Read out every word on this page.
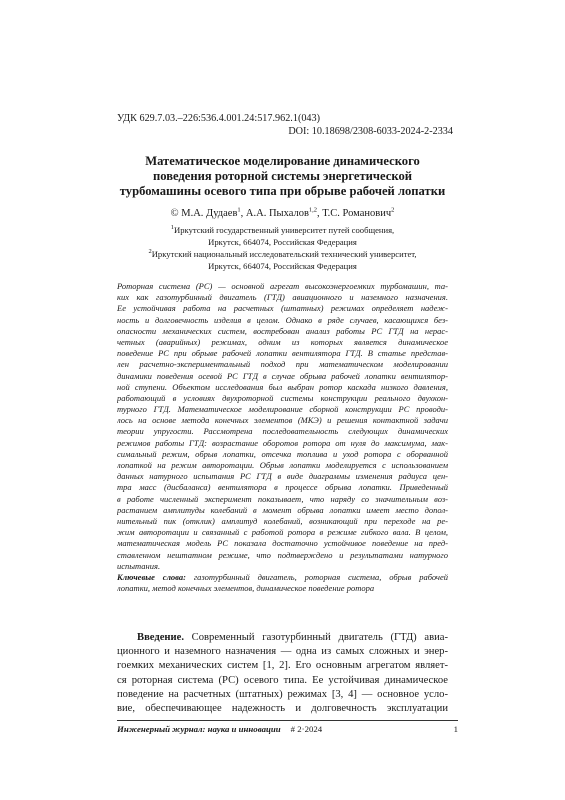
УДК 629.7.03.–226:536.4.001.24:517.962.1(043)
DOI: 10.18698/2308-6033-2024-2-2334
Математическое моделирование динамического
поведения роторной системы энергетической
турбомашины осевого типа при обрыве рабочей лопатки
© М.А. Дудаев$^1$, А.А. Пыхалов$^{1,2}$, Т.С. Романович$^2$
$^1$Иркутский государственный университет путей сообщения,
Иркутск, 664074, Российская Федерация
$^2$Иркутский национальный исследовательский технический университет,
Иркутск, 664074, Российская Федерация
Роторная система (РС) — основной агрегат высокоэнергоемких турбомашин, та-
ких как газотурбинный двигатель (ГТД) авиационного и наземного назначения.
Ее устойчивая работа на расчетных (штатных) режимах определяет надеж-
ность и долговечность изделия в целом. Однако в ряде случаев, касающихся без-
опасности механических систем, востребован анализ работы РС ГТД на нерас-
четных (аварийных) режимах, одним из которых является динамическое
поведение РС при обрыве рабочей лопатки вентилятора ГТД. В статье представ-
лен расчетно-экспериментальный подход при математическом моделировании
динамики поведения осевой РС ГТД в случае обрыва рабочей лопатки вентилятор-
ной ступени. Объектом исследования был выбран ротор каскада низкого давления,
работающий в условиях двухроторной системы конструкции реального двухкон-
турного ГТД. Математическое моделирование сборной конструкции РС проводи-
лось на основе метода конечных элементов (МКЭ) и решения контактной задачи
теории упругости. Рассмотрена последовательность следующих динамических
режимов работы ГТД: возрастание оборотов ротора от нуля до максимума, мак-
симальный режим, обрыв лопатки, отсечка топлива и уход ротора с оборванной
лопаткой на режим авторотации. Обрыв лопатки моделируется с использованием
данных натурного испытания РС ГТД в виде диаграммы изменения радиуса цен-
тра масс (дисбаланса) вентилятора в процессе обрыва лопатки. Приведенный
в работе численный эксперимент показывает, что наряду со значительным воз-
растанием амплитуды колебаний в момент обрыва лопатки имеет место допол-
нительный пик (отклик) амплитуд колебаний, возникающий при переходе на ре-
жим авторотации и связанный с работой ротора в режиме гибкого вала. В целом,
математическая модель РС показала достаточно устойчивое поведение на пред-
ставленном нештатном режиме, что подтверждено и результатами натурного
испытания.
Ключевые слова: газотурбинный двигатель, роторная система, обрыв рабочей
лопатки, метод конечных элементов, динамическое поведение ротора
Введение. Современный газотурбинный двигатель (ГТД) авиа-
ционного и наземного назначения — одна из самых сложных и энер-
гоемких механических систем [1, 2]. Его основным агрегатом являет-
ся роторная система (РС) осевого типа. Ее устойчивая динамическое
поведение на расчетных (штатных) режимах [3, 4] — основное усло-
вие, обеспечивающее надежность и долговечность эксплуатации
Инженерный журнал: наука и инновации # 2·2024	1
